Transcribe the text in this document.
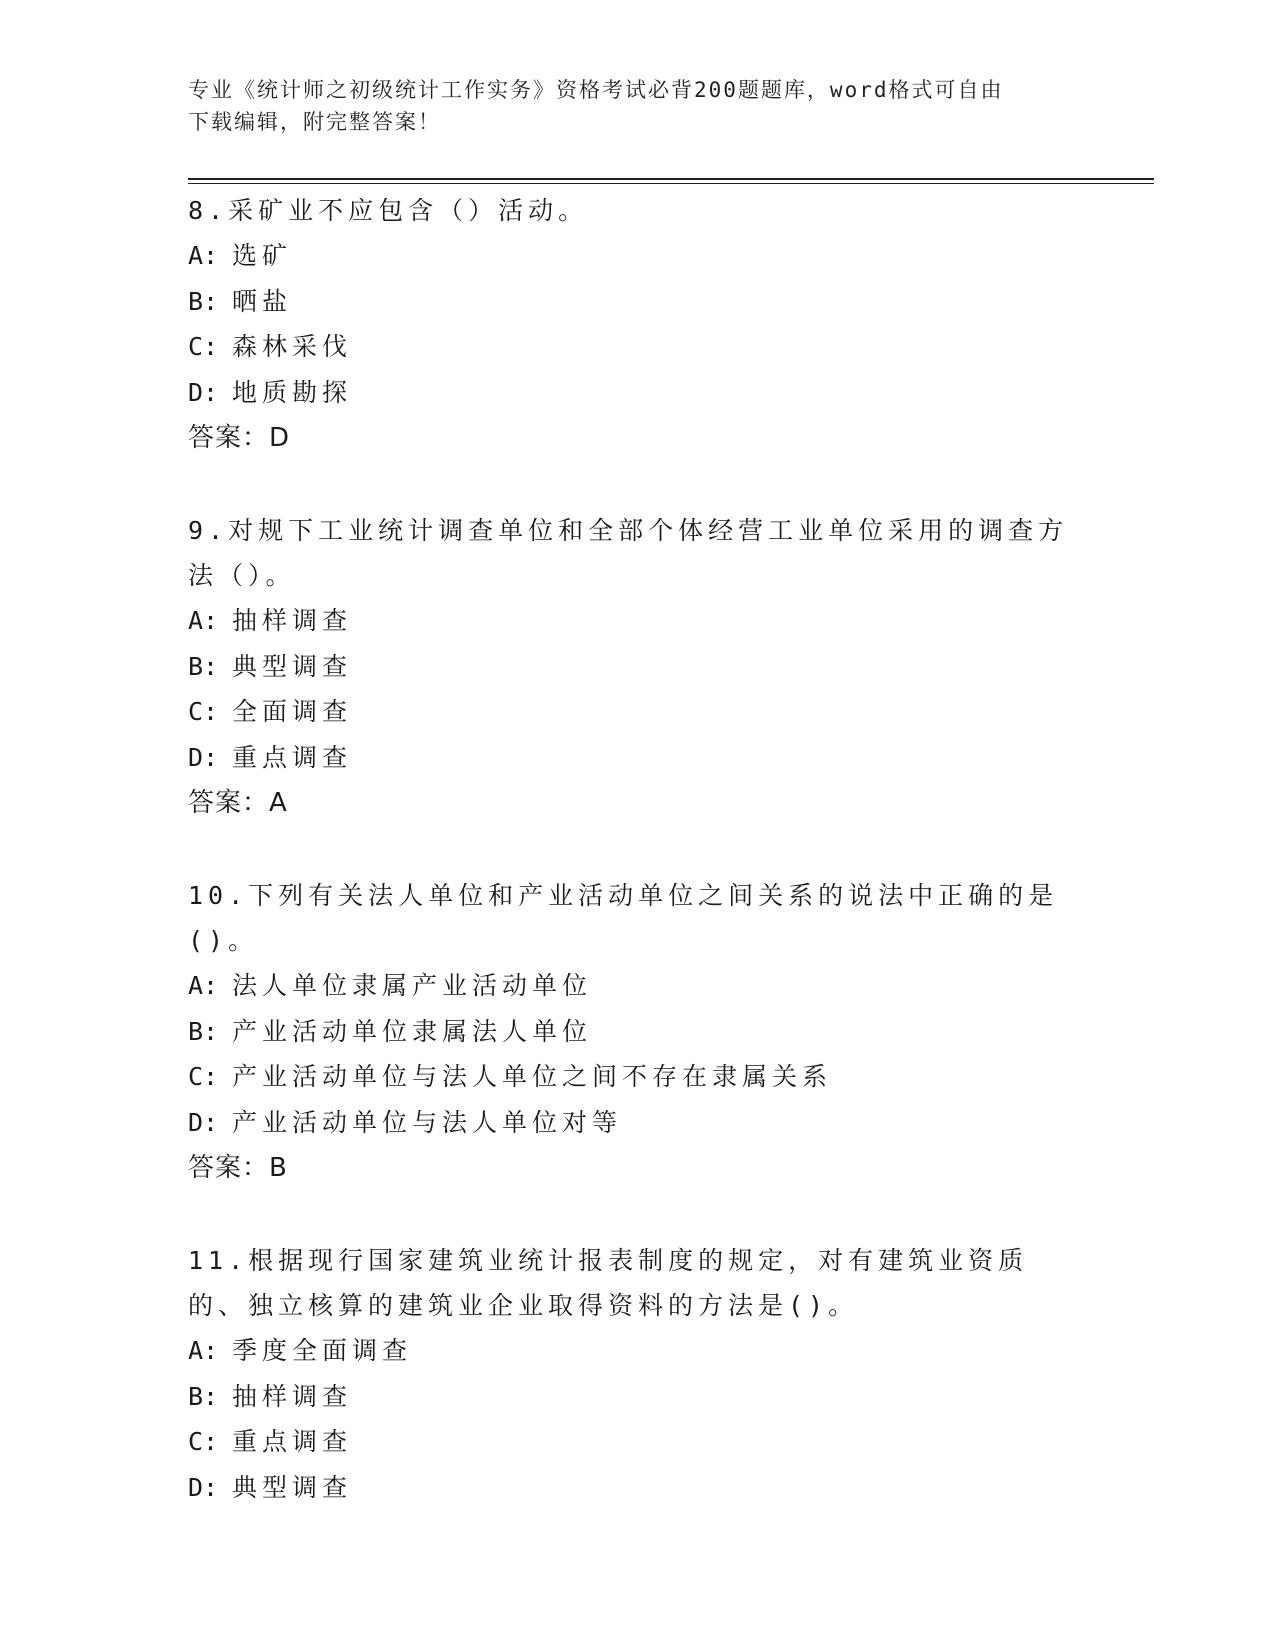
专业《统计师之初级统计工作实务》资格考试必背200题题库，word格式可自由
下载编辑，附完整答案！

8.采矿业不应包含（）活动。

A: 选矿

B: 晒盐

C: 森林采伐

D: 地质勘探

答案：D

9.对规下工业统计调查单位和全部个体经营工业单位采用的调查方法（）。

A: 抽样调查

B: 典型调查

C: 全面调查

D: 重点调查

答案：A

10.下列有关法人单位和产业活动单位之间关系的说法中正确的是()。

A: 法人单位隶属产业活动单位

B: 产业活动单位隶属法人单位

C: 产业活动单位与法人单位之间不存在隶属关系

D: 产业活动单位与法人单位对等

答案：B

11.根据现行国家建筑业统计报表制度的规定，对有建筑业资质的、独立核算的建筑业企业取得资料的方法是()。

A: 季度全面调查

B: 抽样调查

C: 重点调查

D: 典型调查
